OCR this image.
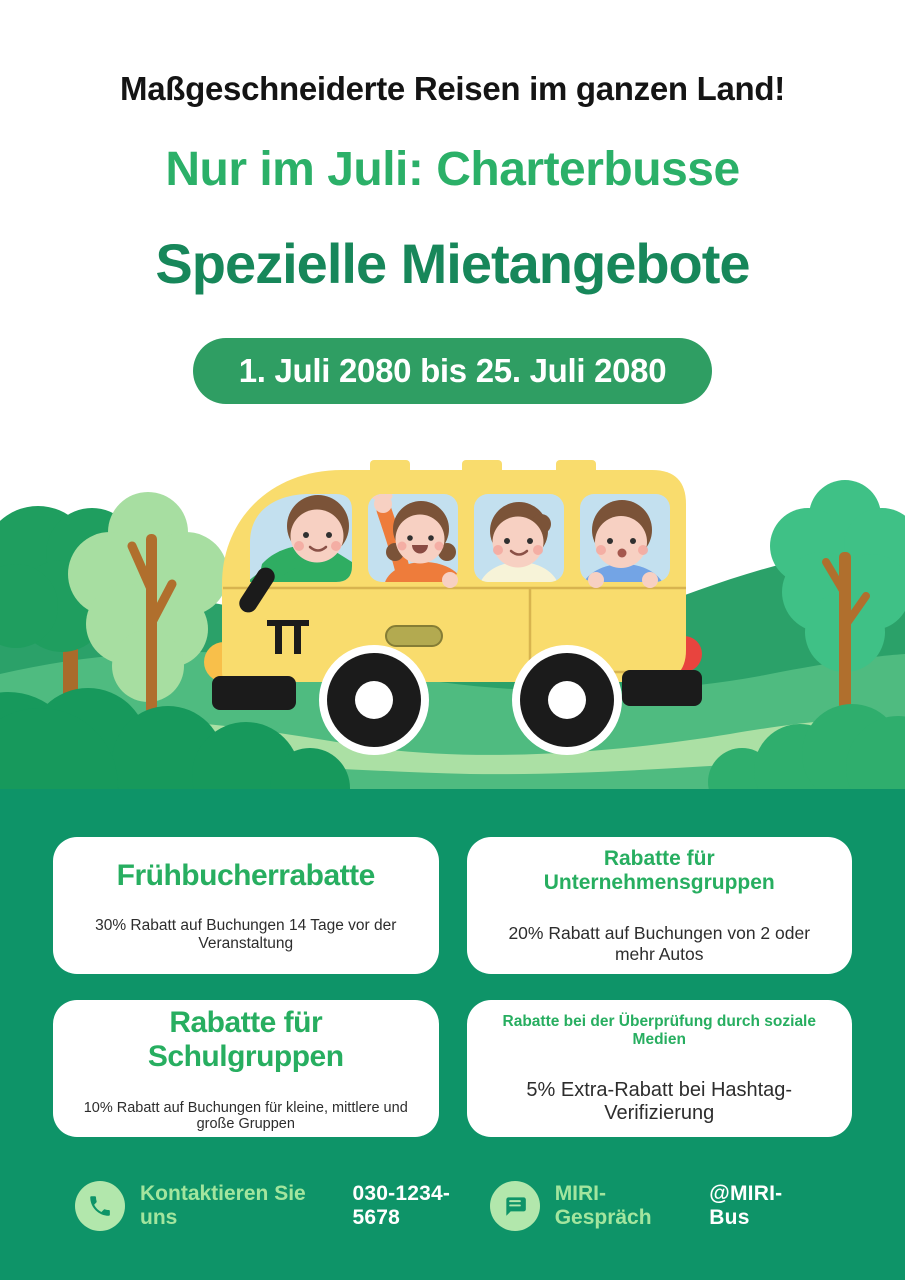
Maßgeschneiderte Reisen im ganzen Land!
Nur im Juli: Charterbusse
Spezielle Mietangebote
1. Juli 2080 bis 25. Juli 2080
Frühbucherrabatte
30% Rabatt auf Buchungen 14 Tage vor der Veranstaltung
Rabatte für Unternehmensgruppen
20% Rabatt auf Buchungen von 2 oder mehr Autos
Rabatte für Schulgruppen
10% Rabatt auf Buchungen für kleine, mittlere und große Gruppen
Rabatte bei der Überprüfung durch soziale Medien
5% Extra-Rabatt bei Hashtag-Verifizierung
Kontaktieren Sie uns
030-1234-5678
MIRI-Gespräch
@MIRI-Bus
